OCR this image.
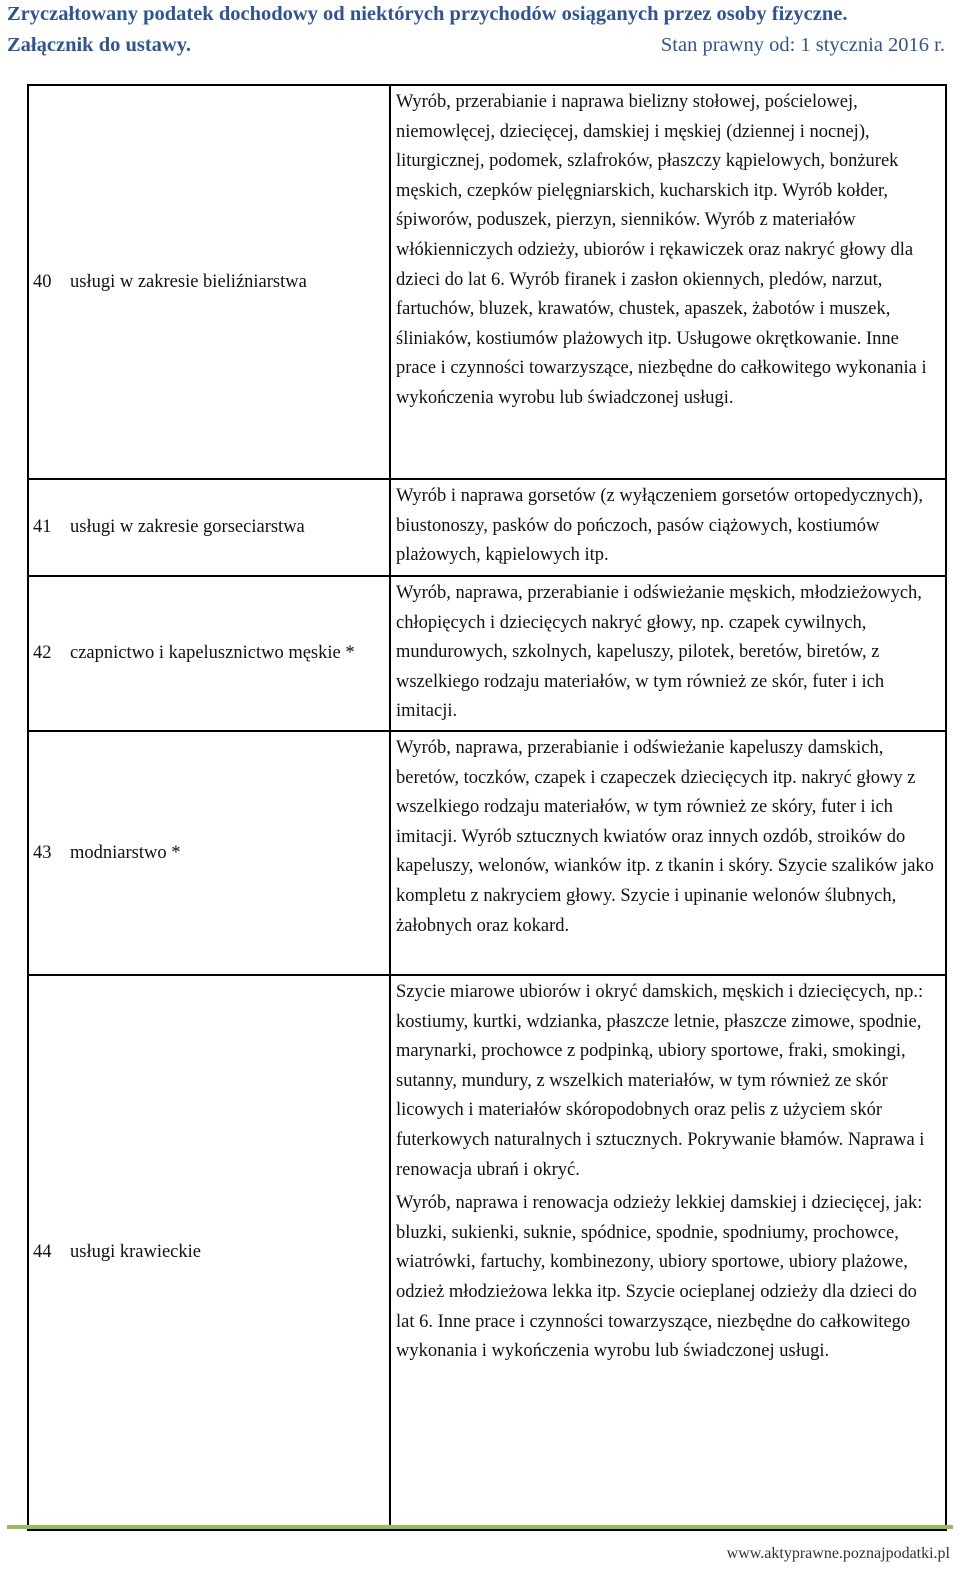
Zryczałtowany podatek dochodowy od niektórych przychodów osiąganych przez osoby fizyczne.
Załącznik do ustawy.	Stan prawny od: 1 stycznia 2016 r.
40	usługi w zakresie bieliźniarstwa	Wyrób, przerabianie i naprawa bielizny stołowej, pościelowej, niemowlęcej, dziecięcej, damskiej i męskiej (dziennej i nocnej), liturgicznej, podomek, szlafroków, płaszczy kąpielowych, bonżurek męskich, czepków pielęgniarskich, kucharskich itp. Wyrób kołder, śpiworów, poduszek, pierzyn, sienników. Wyrób z materiałów włókienniczych odzieży, ubiorów i rękawiczek oraz nakryć głowy dla dzieci do lat 6. Wyrób firanek i zasłon okiennych, pledów, narzut, fartuchów, bluzek, krawatów, chustek, apaszek, żabotów i muszek, śliniaków, kostiumów plażowych itp. Usługowe okrętkowanie. Inne prace i czynności towarzyszące, niezbędne do całkowitego wykonania i wykończenia wyrobu lub świadczonej usługi.

41	usługi w zakresie gorseciarstwa	Wyrób i naprawa gorsetów (z wyłączeniem gorsetów ortopedycznych), biustonoszy, pasków do pończoch, pasów ciążowych, kostiumów plażowych, kąpielowych itp.

42	czapnictwo i kapelusznictwo męskie *	Wyrób, naprawa, przerabianie i odświeżanie męskich, młodzieżowych, chłopięcych i dziecięcych nakryć głowy, np. czapek cywilnych, mundurowych, szkolnych, kapeluszy, pilotek, beretów, biretów, z wszelkiego rodzaju materiałów, w tym również ze skór, futer i ich imitacji.

43	modniarstwo *	Wyrób, naprawa, przerabianie i odświeżanie kapeluszy damskich, beretów, toczków, czapek i czapeczek dziecięcych itp. nakryć głowy z wszelkiego rodzaju materiałów, w tym również ze skóry, futer i ich imitacji. Wyrób sztucznych kwiatów oraz innych ozdób, stroików do kapeluszy, welonów, wianków itp. z tkanin i skóry. Szycie szalików jako kompletu z nakryciem głowy. Szycie i upinanie welonów ślubnych, żałobnych oraz kokard.

44	usługi krawieckie	Szycie miarowe ubiorów i okryć damskich, męskich i dziecięcych, np.: kostiumy, kurtki, wdzianka, płaszcze letnie, płaszcze zimowe, spodnie, marynarki, prochowce z podpinką, ubiory sportowe, fraki, smokingi, sutanny, mundury, z wszelkich materiałów, w tym również ze skór licowych i materiałów skóropodobnych oraz pelis z użyciem skór futerkowych naturalnych i sztucznych. Pokrywanie błamów. Naprawa i renowacja ubrań i okryć.

Wyrób, naprawa i renowacja odzieży lekkiej damskiej i dziecięcej, jak: bluzki, sukienki, suknie, spódnice, spodnie, spodniumy, prochowce, wiatrówki, fartuchy, kombinezony, ubiory sportowe, ubiory plażowe, odzież młodzieżowa lekka itp. Szycie ocieplanej odzieży dla dzieci do lat 6. Inne prace i czynności towarzyszące, niezbędne do całkowitego wykonania i wykończenia wyrobu lub świadczonej usługi.

www.aktyprawne.poznajpodatki.pl
